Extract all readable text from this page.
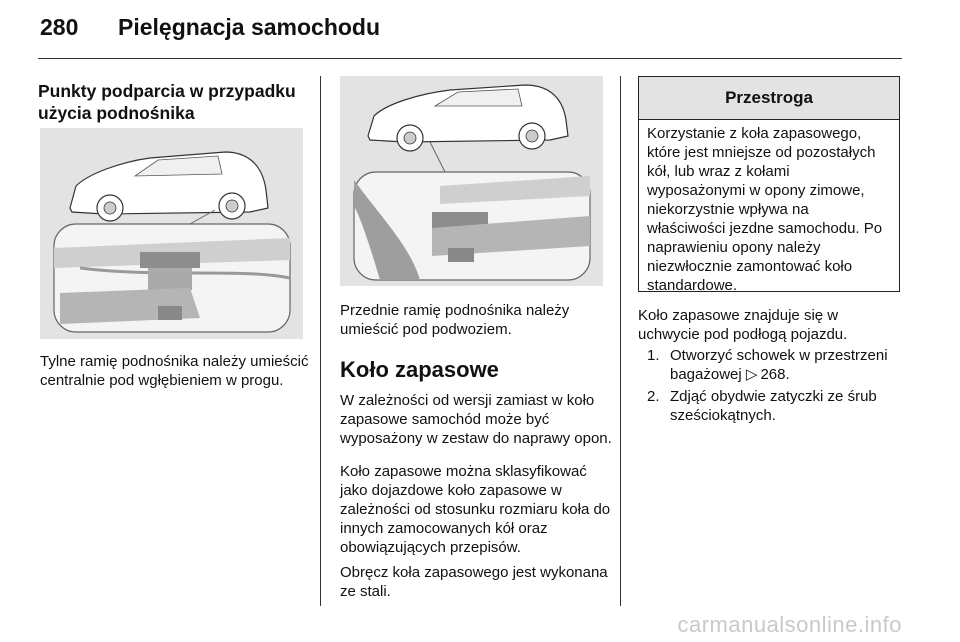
280 Pielęgnacja samochodu
Punkty podparcia w przypadku użycia podnośnika
Tylne ramię podnośnika należy umieścić centralnie pod wgłębieniem w progu.
Przednie ramię podnośnika należy umieścić pod podwoziem.
Koło zapasowe
W zależności od wersji zamiast w koło zapasowe samochód może być wyposażony w zestaw do naprawy opon.
Koło zapasowe można sklasyfikować jako dojazdowe koło zapasowe w zależności od stosunku rozmiaru koła do innych zamocowanych kół oraz obowiązujących przepisów.
Obręcz koła zapasowego jest wykonana ze stali.
Przestroga
Korzystanie z koła zapasowego, które jest mniejsze od pozostałych kół, lub wraz z kołami wyposażonymi w opony zimowe, niekorzystnie wpływa na właściwości jezdne samochodu. Po naprawieniu opony należy niezwłocznie zamontować koło standardowe.
Koło zapasowe znajduje się w uchwycie pod podłogą pojazdu.
1. Otworzyć schowek w przestrzeni bagażowej ▷  268.
2. Zdjąć obydwie zatyczki ze śrub sześciokątnych.
carmanualsonline.info
